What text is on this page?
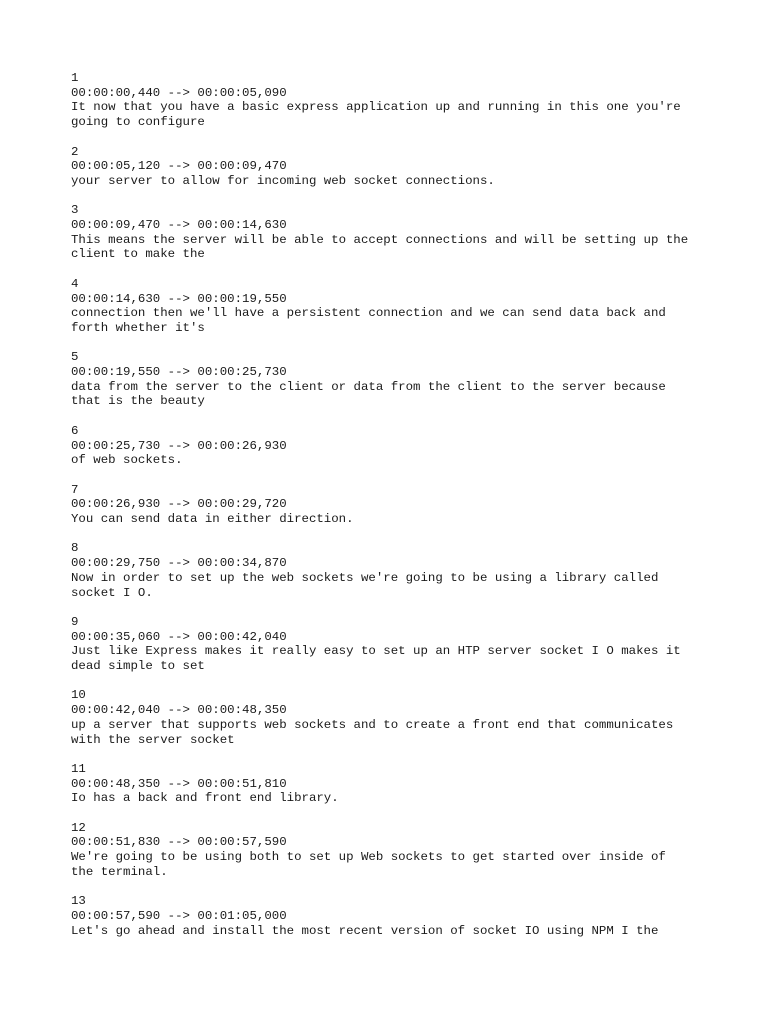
1
00:00:00,440 --> 00:00:05,090
It now that you have a basic express application up and running in this one you're
going to configure
2
00:00:05,120 --> 00:00:09,470
your server to allow for incoming web socket connections.
3
00:00:09,470 --> 00:00:14,630
This means the server will be able to accept connections and will be setting up the
client to make the
4
00:00:14,630 --> 00:00:19,550
connection then we'll have a persistent connection and we can send data back and
forth whether it's
5
00:00:19,550 --> 00:00:25,730
data from the server to the client or data from the client to the server because
that is the beauty
6
00:00:25,730 --> 00:00:26,930
of web sockets.
7
00:00:26,930 --> 00:00:29,720
You can send data in either direction.
8
00:00:29,750 --> 00:00:34,870
Now in order to set up the web sockets we're going to be using a library called
socket I O.
9
00:00:35,060 --> 00:00:42,040
Just like Express makes it really easy to set up an HTP server socket I O makes it
dead simple to set
10
00:00:42,040 --> 00:00:48,350
up a server that supports web sockets and to create a front end that communicates
with the server socket
11
00:00:48,350 --> 00:00:51,810
Io has a back and front end library.
12
00:00:51,830 --> 00:00:57,590
We're going to be using both to set up Web sockets to get started over inside of
the terminal.
13
00:00:57,590 --> 00:01:05,000
Let's go ahead and install the most recent version of socket IO using NPM I the
